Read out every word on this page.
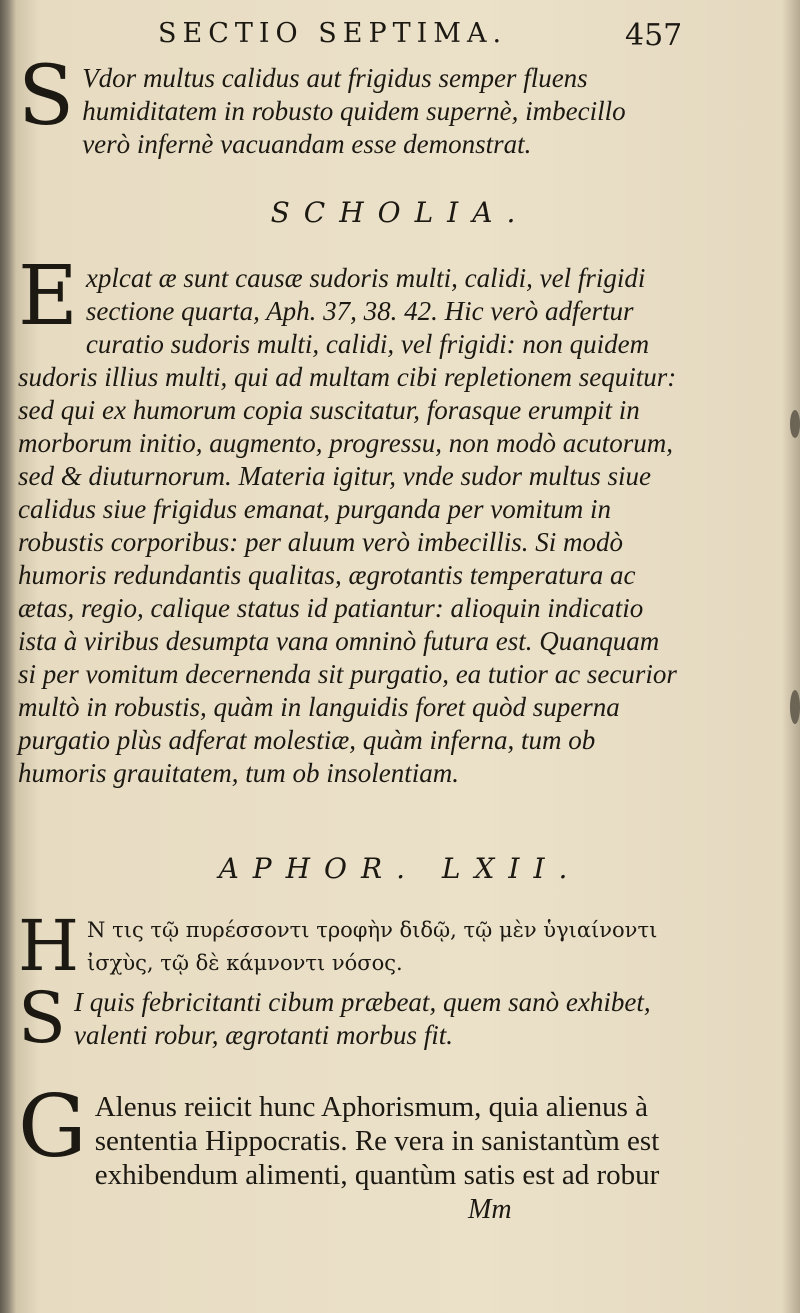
SECTIO SEPTIMA.	457
S Vdor multus calidus aut frigidus semper fluens humiditatem in robusto quidem supernè, imbecillo verò infernè vacuandam esse demonstrat.
SCHOLIA.
E xplcat æ sunt causæ sudoris multi, calidi, vel frigidi sectione quarta, Aph. 37, 38. 42. Hic verò adfertur curatio sudoris multi, calidi, vel frigidi: non quidem sudoris illius multi, qui ad multam cibi repletionem sequitur: sed qui ex humorum copia suscitatur, forasque erumpit in morborum initio, augmento, progressu, non modò acutorum, sed & diuturnorum. Materia igitur, vnde sudor multus siue calidus siue frigidus emanat, purganda per vomitum in robustis corporibus: per aluum verò imbecillis. Si modò humoris redundantis qualitas, ægrotantis temperatura ac ætas, regio, calique status id patiantur: alioquin indicatio ista à viribus desumpta vana omninò futura est. Quanquam si per vomitum decernenda sit purgatio, ea tutior ac securior multò in robustis, quàm in languidis foret quòd superna purgatio plùs adferat molestiæ, quàm inferna, tum ob humoris grauitatem, tum ob insolentiam.
APHOR. LXII.
H Ν τις τῷ πυρέσσοντι τροφὴν διδῷ, τῷ μὲν ὑγιαίνοντι ἰσχὺς, τῷ δὲ κάμνοντι νόσος.
S I quis febricitanti cibum præbeat, quem sanò exhibet, valenti robur, ægrotanti morbus fit.
G Alenus reiicit hunc Aphorismum, quia alienus à sententia Hippocratis. Re vera in sanistantùm est exhibendum alimenti, quantùm satis est ad robur
Mm
